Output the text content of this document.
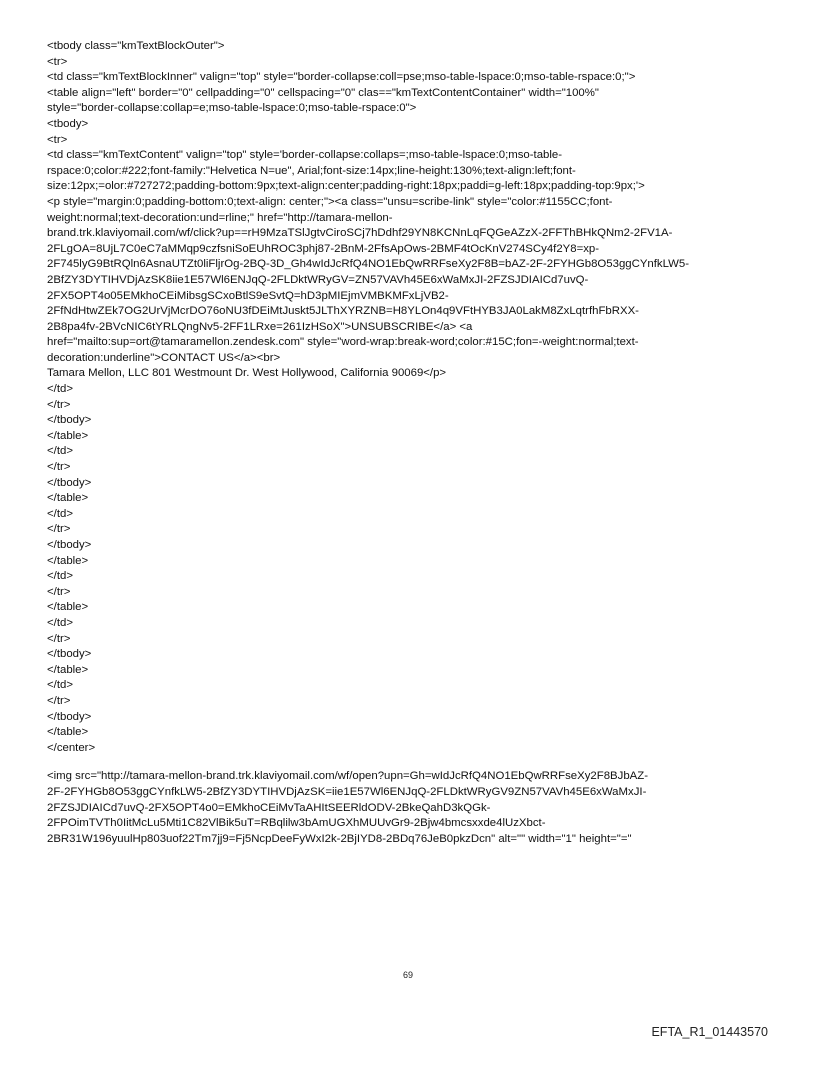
<tbody class="kmTextBlockOuter">
<tr>
<td class="kmTextBlockInner" valign="top" style="border-collapse:coll=pse;mso-table-lspace:0;mso-table-rspace:0;">
<table align="left" border="0" cellpadding="0" cellspacing="0" clas=="kmTextContentContainer" width="100%"
style="border-collapse:collap=e;mso-table-lspace:0;mso-table-rspace:0">
<tbody>
<tr>
<td class="kmTextContent" valign="top" style='border-collapse:collaps=;mso-table-lspace:0;mso-table-
rspace:0;color:#222;font-family:"Helvetica N=ue", Arial;font-size:14px;line-height:130%;text-align:left;font-
size:12px;=olor:#727272;padding-bottom:9px;text-align:center;padding-right:18px;paddi=g-left:18px;padding-top:9px;'>
<p style="margin:0;padding-bottom:0;text-align: center;"><a class="unsu=scribe-link" style="color:#1155CC;font-
weight:normal;text-decoration:und=rline;" href="http://tamara-mellon-
brand.trk.klaviyomail.com/wf/click?up==rH9MzaTSlJgtvCiroSCj7hDdhf29YN8KCNnLqFQGeAZzX-2FFThBHkQNm2-2FV1A-
2FLgOA=8UjL7C0eC7aMMqp9czfsniSoEUhROC3phj87-2BnM-2FfsApOws-2BMF4tOcKnV274SCy4f2Y8=xp-
2F745lyG9BtRQln6AsnaUTZt0liFljrOg-2BQ-3D_Gh4wIdJcRfQ4NO1EbQwRRFseXy2F8B=bAZ-2F-2FYHGb8O53ggCYnfkLW5-
2BfZY3DYTIHVDjAzSK8iie1E57Wl6ENJqQ-2FLDktWRyGV=ZN57VAVh45E6xWaMxJI-2FZSJDIAICd7uvQ-
2FX5OPT4o05EMkhoCEiMibsgSCxoBtlS9eSvtQ=hD3pMIEjmVMBKMFxLjVB2-
2FfNdHtwZEk7OG2UrVjMcrDO76oNU3fDEiMtJuskt5JLThXYRZNB=H8YLOn4q9VFtHYB3JA0LakM8ZxLqtrfhFbRXX-
2B8pa4fv-2BVcNIC6tYRLQngNv5-2FF1LRxe=261IzHSoX">UNSUBSCRIBE</a> <a
href="mailto:sup=ort@tamaramellon.zendesk.com" style="word-wrap:break-word;color:#15C;fon=-weight:normal;text-
decoration:underline">CONTACT US</a><br>
Tamara Mellon, LLC 801 Westmount Dr. West Hollywood, California 90069</p>
</td>
</tr>
</tbody>
</table>
</td>
</tr>
</tbody>
</table>
</td>
</tr>
</tbody>
</table>
</td>
</tr>
</table>
</td>
</tr>
</tbody>
</table>
</td>
</tr>
</tbody>
</table>
</center>
<img src="http://tamara-mellon-brand.trk.klaviyomail.com/wf/open?upn=Gh=wIdJcRfQ4NO1EbQwRRFseXy2F8BJbAZ-
2F-2FYHGb8O53ggCYnfkLW5-2BfZY3DYTIHVDjAzSK=iie1E57Wl6ENJqQ-2FLDktWRyGV9ZN57VAVh45E6xWaMxJI-
2FZSJDIAICd7uvQ-2FX5OPT4o0=EMkhoCEiMvTaAHItSEERldODV-2BkeQahD3kQGk-
2FPOimTVTh0IitMcLu5Mti1C82VlBik5uT=RBqlilw3bAmUGXhMUUvGr9-2Bjw4bmcsxxde4lUzXbct-
2BR31W196yuulHp803uof22Tm7jj9=Fj5NcpDeeFyWxI2k-2BjIYD8-2BDq76JeB0pkzDcn" alt="" width="1" height="="
69
EFTA_R1_01443570
